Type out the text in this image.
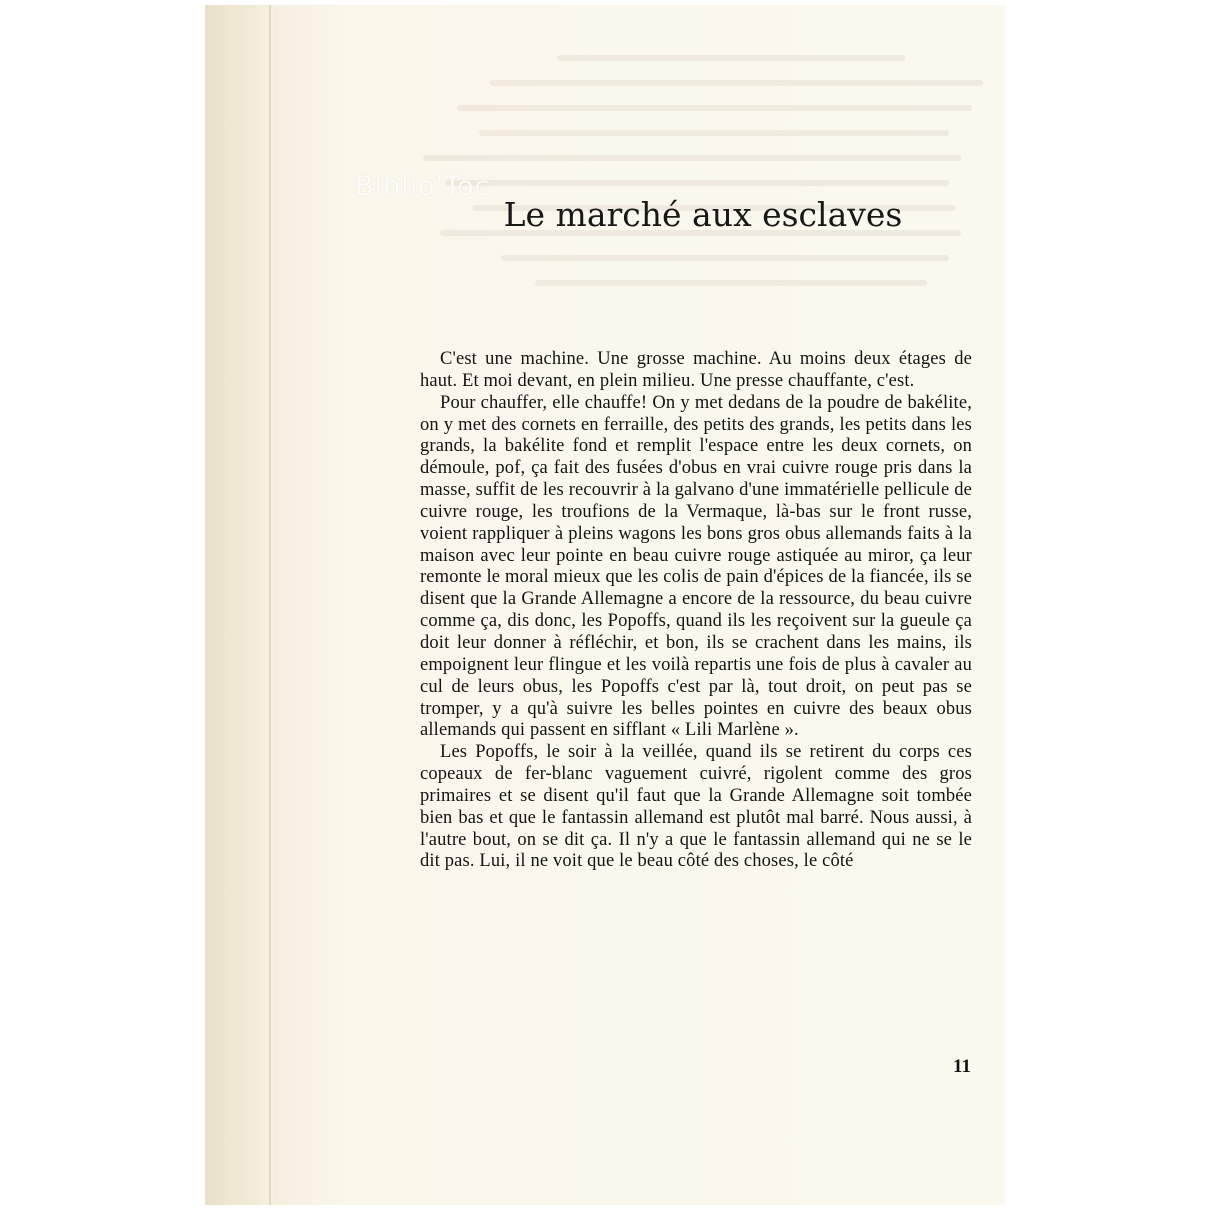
Biblio'Toc
Le marché aux esclaves

C'est une machine. Une grosse machine. Au moins deux étages de haut. Et moi devant, en plein milieu. Une presse chauffante, c'est.

Pour chauffer, elle chauffe! On y met dedans de la poudre de bakélite, on y met des cornets en ferraille, des petits des grands, les petits dans les grands, la bakélite fond et remplit l'espace entre les deux cornets, on démoule, pof, ça fait des fusées d'obus en vrai cuivre rouge pris dans la masse, suffit de les recouvrir à la galvano d'une immatérielle pellicule de cuivre rouge, les troufions de la Vermaque, là-bas sur le front russe, voient rappliquer à pleins wagons les bons gros obus allemands faits à la maison avec leur pointe en beau cuivre rouge astiquée au miror, ça leur remonte le moral mieux que les colis de pain d'épices de la fiancée, ils se disent que la Grande Allemagne a encore de la ressource, du beau cuivre comme ça, dis donc, les Popoffs, quand ils les reçoivent sur la gueule ça doit leur donner à réfléchir, et bon, ils se crachent dans les mains, ils empoignent leur flingue et les voilà repartis une fois de plus à cavaler au cul de leurs obus, les Popoffs c'est par là, tout droit, on peut pas se tromper, y a qu'à suivre les belles pointes en cuivre des beaux obus allemands qui passent en sifflant « Lili Marlène ».

Les Popoffs, le soir à la veillée, quand ils se retirent du corps ces copeaux de fer-blanc vaguement cuivré, rigolent comme des gros primaires et se disent qu'il faut que la Grande Allemagne soit tombée bien bas et que le fantassin allemand est plutôt mal barré. Nous aussi, à l'autre bout, on se dit ça. Il n'y a que le fantassin allemand qui ne se le dit pas. Lui, il ne voit que le beau côté des choses, le côté

11
